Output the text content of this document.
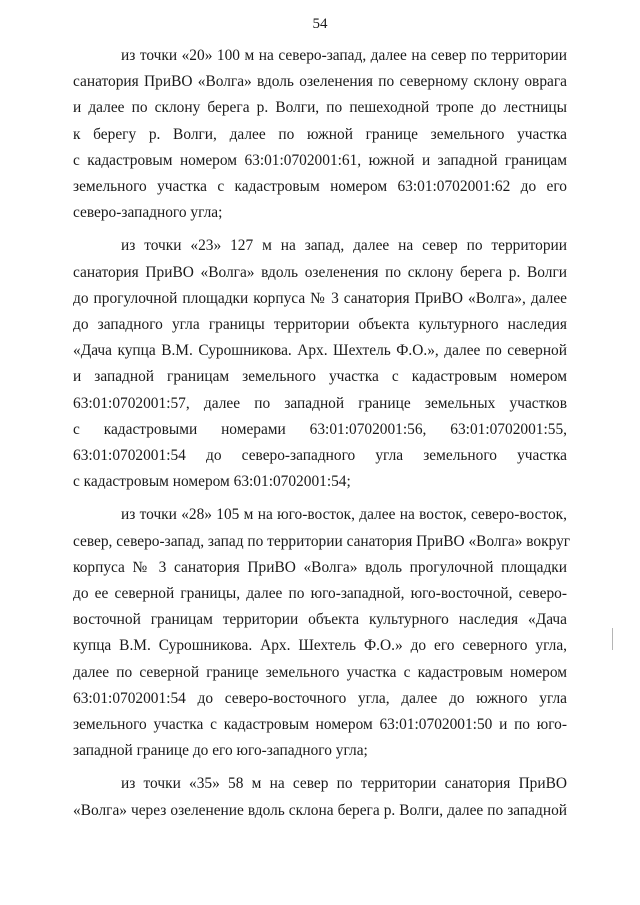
54

из точки «20» 100 м на северо-запад, далее на север по территории
санатория ПриВО «Волга» вдоль озеленения по северному склону оврага
и далее по склону берега р. Волги, по пешеходной тропе до лестницы
к берегу р. Волги, далее по южной границе земельного участка
с кадастровым номером 63:01:0702001:61, южной и западной границам
земельного участка с кадастровым номером 63:01:0702001:62 до его
северо-западного угла;

из точки «23» 127 м на запад, далее на север по территории
санатория ПриВО «Волга» вдоль озеленения по склону берега р. Волги
до прогулочной площадки корпуса № 3 санатория ПриВО «Волга», далее
до западного угла границы территории объекта культурного наследия
«Дача купца В.М. Сурошникова. Арх. Шехтель Ф.О.», далее по северной
и западной границам земельного участка с кадастровым номером
63:01:0702001:57, далее по западной границе земельных участков
с кадастровыми номерами 63:01:0702001:56, 63:01:0702001:55,
63:01:0702001:54 до северо-западного угла земельного участка
с кадастровым номером 63:01:0702001:54;

из точки «28» 105 м на юго-восток, далее на восток, северо-восток,
север, северо-запад, запад по территории санатория ПриВО «Волга» вокруг
корпуса № 3 санатория ПриВО «Волга» вдоль прогулочной площадки
до ее северной границы, далее по юго-западной, юго-восточной, северо-
восточной границам территории объекта культурного наследия «Дача
купца В.М. Сурошникова. Арх. Шехтель Ф.О.» до его северного угла,
далее по северной границе земельного участка с кадастровым номером
63:01:0702001:54 до северо-восточного угла, далее до южного угла
земельного участка с кадастровым номером 63:01:0702001:50 и по юго-
западной границе до его юго-западного угла;

из точки «35» 58 м на север по территории санатория ПриВО
«Волга» через озеленение вдоль склона берега р. Волги, далее по западной
